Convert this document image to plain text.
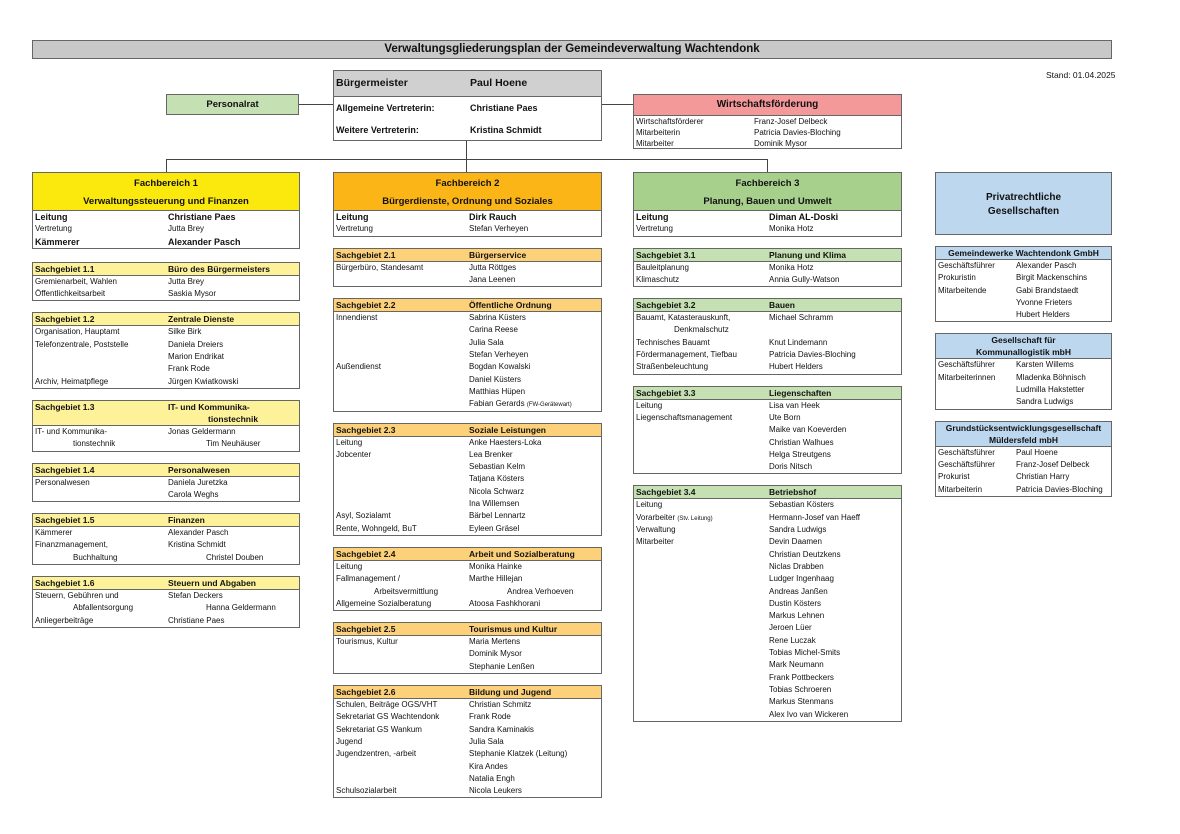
Verwaltungsgliederungsplan der Gemeindeverwaltung Wachtendonk
Stand: 01.04.2025
Personalrat
Bürgermeister	Paul Hoene
Allgemeine Vertreterin:	Christiane Paes
Weitere Vertreterin:	Kristina Schmidt
Wirtschaftsförderung
Wirtschaftsförderer	Franz-Josef Delbeck
Mitarbeiterin	Patricia Davies-Bloching
Mitarbeiter	Dominik Mysor
Fachbereich 1
Verwaltungssteuerung und Finanzen
Leitung	Christiane Paes
Vertretung	Jutta Brey
Kämmerer	Alexander Pasch
Sachgebiet 1.1	Büro des Bürgermeisters
Gremienarbeit, Wahlen	Jutta Brey
Öffentlichkeitsarbeit	Saskia Mysor
Sachgebiet 1.2	Zentrale Dienste
Organisation, Hauptamt	Silke Birk
Telefonzentrale, Poststelle	Daniela Dreiers
Marion Endrikat
Frank Rode
Archiv, Heimatpflege	Jürgen Kwiatkowski
Sachgebiet 1.3	IT- und Kommunika-
tionstechnik
IT- und Kommunika-	Jonas Geldermann
tionstechnik	Tim Neuhäuser
Sachgebiet 1.4	Personalwesen
Personalwesen	Daniela Juretzka
Carola Weghs
Sachgebiet 1.5	Finanzen
Kämmerer	Alexander Pasch
Finanzmanagement,	Kristina Schmidt
Buchhaltung	Christel Douben
Sachgebiet 1.6	Steuern und Abgaben
Steuern, Gebühren und	Stefan Deckers
Abfallentsorgung	Hanna Geldermann
Anliegerbeiträge	Christiane Paes
Fachbereich 2
Bürgerdienste, Ordnung und Soziales
Leitung	Dirk Rauch
Vertretung	Stefan Verheyen
Sachgebiet 2.1	Bürgerservice
Bürgerbüro, Standesamt	Jutta Röttges
Jana Leenen
Sachgebiet 2.2	Öffentliche Ordnung
Innendienst	Sabrina Küsters
Carina Reese
Julia Sala
Stefan Verheyen
Außendienst	Bogdan Kowalski
Daniel Küsters
Matthias Hüpen
Fabian Gerards (FW-Gerätewart)
Sachgebiet 2.3	Soziale Leistungen
Leitung	Anke Haesters-Loka
Jobcenter	Lea Brenker
Sebastian Kelm
Tatjana Kösters
Nicola Schwarz
Ina Willemsen
Asyl, Sozialamt	Bärbel Lennartz
Rente, Wohngeld, BuT	Eyleen Gräsel
Sachgebiet 2.4	Arbeit und Sozialberatung
Leitung	Monika Hainke
Fallmanagement /	Marthe Hillejan
Arbeitsvermittlung	Andrea Verhoeven
Allgemeine Sozialberatung	Atoosa Fashkhorani
Sachgebiet 2.5	Tourismus und Kultur
Tourismus, Kultur	Maria Mertens
Dominik Mysor
Stephanie Lenßen
Sachgebiet 2.6	Bildung und Jugend
Schulen, Beiträge OGS/VHT	Christian Schmitz
Sekretariat GS Wachtendonk	Frank Rode
Sekretariat GS Wankum	Sandra Kaminakis
Jugend	Julia Sala
Jugendzentren, -arbeit	Stephanie Klatzek (Leitung)
Kira Andes
Natalia Engh
Schulsozialarbeit	Nicola Leukers
Fachbereich 3
Planung, Bauen und Umwelt
Leitung	Diman AL-Doski
Vertretung	Monika Hotz
Sachgebiet 3.1	Planung und Klima
Bauleitplanung	Monika Hotz
Klimaschutz	Annia Gully-Watson
Sachgebiet 3.2	Bauen
Bauamt, Katasterauskunft,	Michael Schramm
Denkmalschutz
Technisches Bauamt	Knut Lindemann
Fördermanagement, Tiefbau	Patricia Davies-Bloching
Straßenbeleuchtung	Hubert Helders
Sachgebiet 3.3	Liegenschaften
Leitung	Lisa van Heek
Liegenschaftsmanagement	Ute Born
Maike van Koeverden
Christian Walhues
Helga Streutgens
Doris Nitsch
Sachgebiet 3.4	Betriebshof
Leitung	Sebastian Kösters
Vorarbeiter (Stv. Leitung)	Hermann-Josef van Haeff
Verwaltung	Sandra Ludwigs
Mitarbeiter	Devin Daamen
Christian Deutzkens
Niclas Drabben
Ludger Ingenhaag
Andreas Janßen
Dustin Kösters
Markus Lehnen
Jeroen Lüer
Rene Luczak
Tobias Michel-Smits
Mark Neumann
Frank Pottbeckers
Tobias Schroeren
Markus Stenmans
Alex Ivo van Wickeren
Privatrechtliche
Gesellschaften
Gemeindewerke Wachtendonk GmbH
Geschäftsführer	Alexander Pasch
Prokuristin	Birgit Mackenschins
Mitarbeitende	Gabi Brandstaedt
Yvonne Frieters
Hubert Helders
Gesellschaft für
Kommunallogistik mbH
Geschäftsführer	Karsten Willems
Mitarbeiterinnen	Mladenka Böhnisch
Ludmilla Hakstetter
Sandra Ludwigs
Grundstücksentwicklungsgesellschaft
Müldersfeld mbH
Geschäftsführer	Paul Hoene
Geschäftsführer	Franz-Josef Delbeck
Prokurist	Christian Harry
Mitarbeiterin	Patricia Davies-Bloching
